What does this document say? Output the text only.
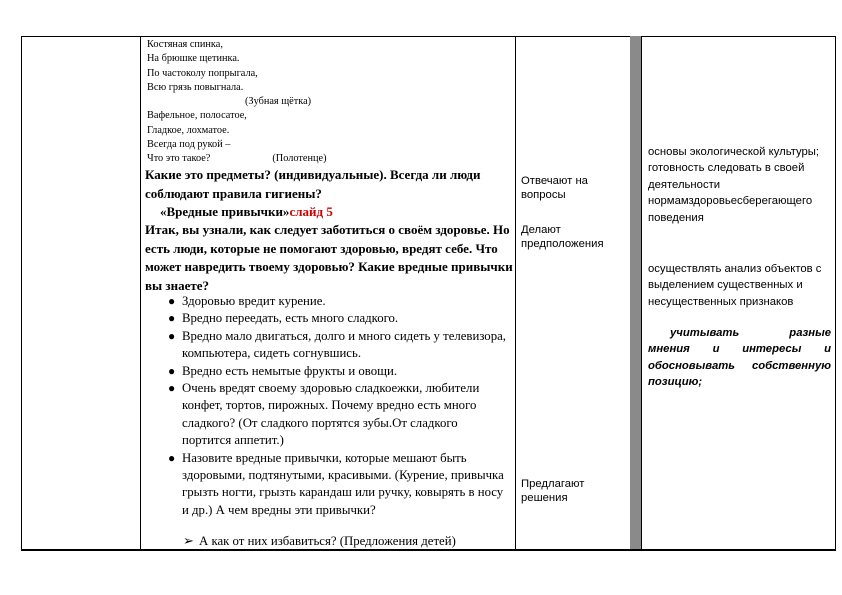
Костяная спинка,
На брюшке щетинка.
По частоколу попрыгала,
Всю грязь повыгнала.
(Зубная щётка)
Вафельное, полосатое,
Гладкое, лохматое.
Всегда под рукой –
Что это такое?	(Полотенце)
Какие это предметы? (индивидуальные). Всегда ли люди соблюдают правила гигиены?
«Вредные привычки»слайд 5
Итак, вы узнали, как следует заботиться о своём здоровье. Но есть люди, которые не помогают здоровью, вредят себе. Что может навредить твоему здоровью? Какие вредные привычки вы знаете?
● Здоровью вредит курение.
● Вредно переедать, есть много сладкого.
● Вредно мало двигаться, долго и много сидеть у телевизора, компьютера, сидеть согнувшись.
● Вредно есть немытые фрукты и овощи.
● Очень вредят своему здоровью сладкоежки, любители конфет, тортов, пирожных. Почему вредно есть много сладкого? (От сладкого портятся зубы.От сладкого портится аппетит.)
● Назовите вредные привычки, которые мешают быть здоровыми, подтянутыми, красивыми. (Курение, привычка грызть ногти, грызть карандаш или ручку, ковырять в носу и др.) А чем вредны эти привычки?
➢ А как от них избавиться? (Предложения детей)
Отвечают на вопросы
Делают предположения
Предлагают решения
основы экологической культуры; готовность следовать в своей деятельности нормамздоровьесберегающего поведения
осуществлять анализ объектов с выделением существенных и несущественных признаков
учитывать	разные
мнения и интересы и
обосновывать собственную
позицию;
